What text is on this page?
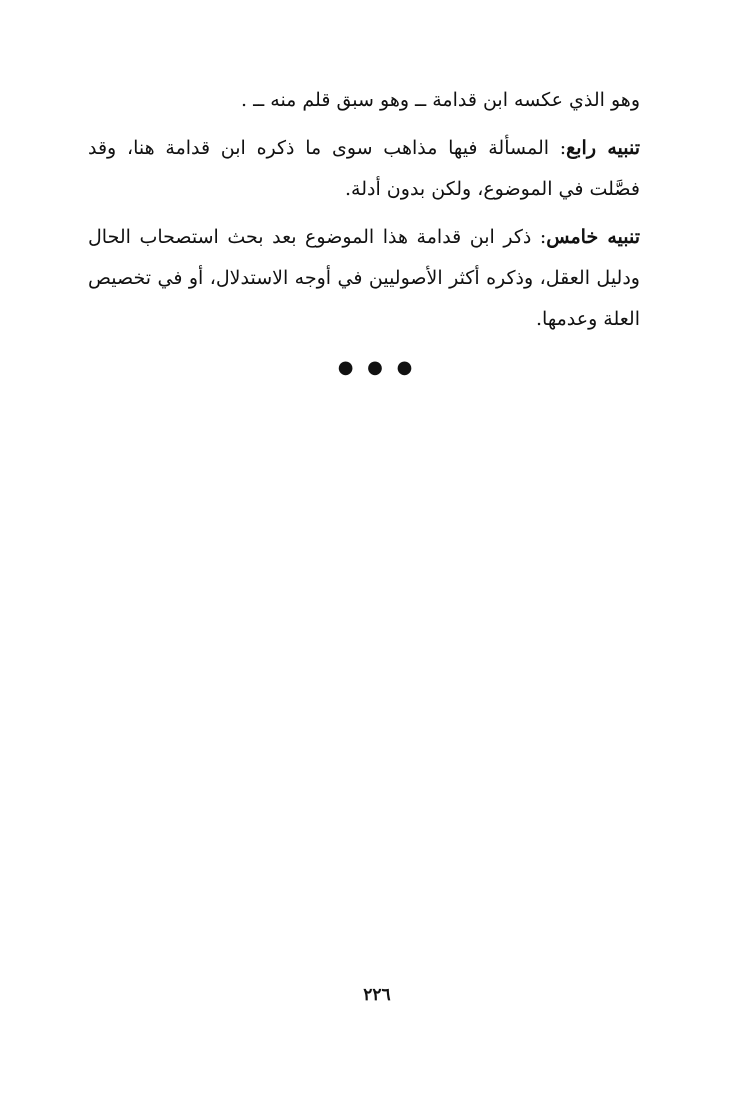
وهو الذي عكسه ابن قدامة ــ وهو سبق قلم منه ــ .

تنبيه رابع: المسألة فيها مذاهب سوى ما ذكره ابن قدامة هنا، وقد فصَّلت في الموضوع، ولكن بدون أدلة.

تنبيه خامس: ذكر ابن قدامة هذا الموضوع بعد بحث استصحاب الحال ودليل العقل، وذكره أكثر الأصوليين في أوجه الاستدلال، أو في تخصيص العلة وعدمها.

● ● ●
٢٢٦
